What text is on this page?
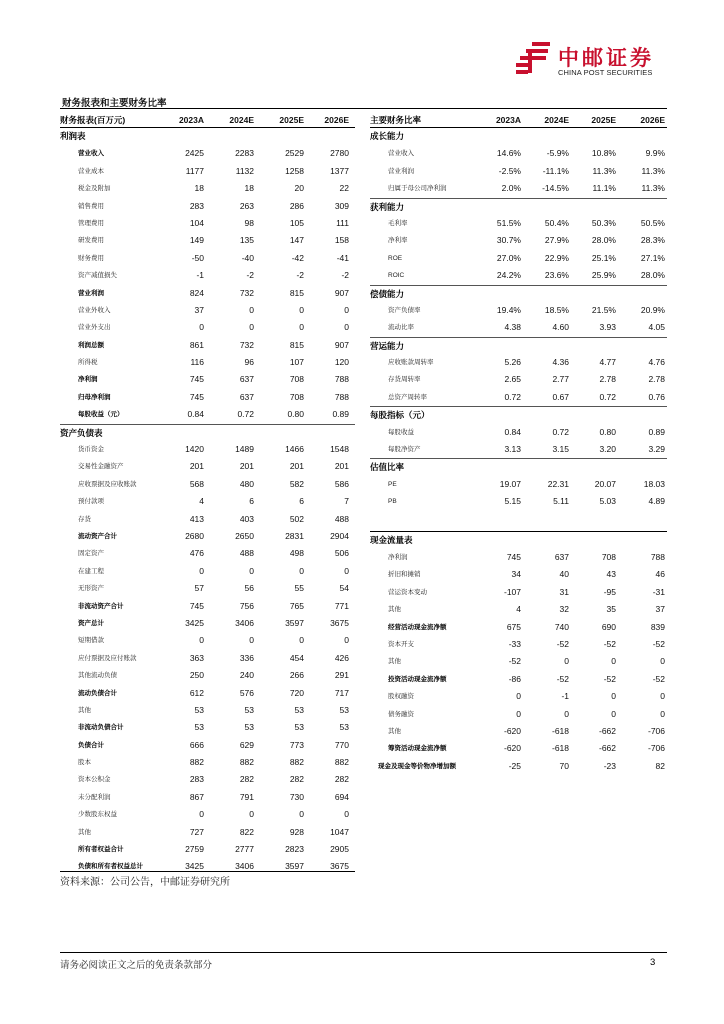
中邮证券
CHINA POST SECURITIES
财务报表和主要财务比率
财务报表(百万元)	2023A	2024E	2025E	2026E
利润表
营业收入	2425	2283	2529	2780
营业成本	1177	1132	1258	1377
税金及附加	18	18	20	22
销售费用	283	263	286	309
管理费用	104	98	105	111
研发费用	149	135	147	158
财务费用	-50	-40	-42	-41
资产减值损失	-1	-2	-2	-2
营业利润	824	732	815	907
营业外收入	37	0	0	0
营业外支出	0	0	0	0
利润总额	861	732	815	907
所得税	116	96	107	120
净利润	745	637	708	788
归母净利润	745	637	708	788
每股收益（元）	0.84	0.72	0.80	0.89
资产负债表
货币资金	1420	1489	1466	1548
交易性金融资产	201	201	201	201
应收票据及应收账款	568	480	582	586
预付款项	4	6	6	7
存货	413	403	502	488
流动资产合计	2680	2650	2831	2904
固定资产	476	488	498	506
在建工程	0	0	0	0
无形资产	57	56	55	54
非流动资产合计	745	756	765	771
资产总计	3425	3406	3597	3675
短期借款	0	0	0	0
应付票据及应付账款	363	336	454	426
其他流动负债	250	240	266	291
流动负债合计	612	576	720	717
其他	53	53	53	53
非流动负债合计	53	53	53	53
负债合计	666	629	773	770
股本	882	882	882	882
资本公积金	283	282	282	282
未分配利润	867	791	730	694
少数股东权益	0	0	0	0
其他	727	822	928	1047
所有者权益合计	2759	2777	2823	2905
负债和所有者权益总计	3425	3406	3597	3675
主要财务比率	2023A	2024E	2025E	2026E
成长能力
营业收入	14.6%	-5.9%	10.8%	9.9%
营业利润	-2.5%	-11.1%	11.3%	11.3%
归属于母公司净利润	2.0%	-14.5%	11.1%	11.3%
获利能力
毛利率	51.5%	50.4%	50.3%	50.5%
净利率	30.7%	27.9%	28.0%	28.3%
ROE	27.0%	22.9%	25.1%	27.1%
ROIC	24.2%	23.6%	25.9%	28.0%
偿债能力
资产负债率	19.4%	18.5%	21.5%	20.9%
流动比率	4.38	4.60	3.93	4.05
营运能力
应收账款周转率	5.26	4.36	4.77	4.76
存货周转率	2.65	2.77	2.78	2.78
总资产周转率	0.72	0.67	0.72	0.76
每股指标（元）
每股收益	0.84	0.72	0.80	0.89
每股净资产	3.13	3.15	3.20	3.29
估值比率
PE	19.07	22.31	20.07	18.03
PB	5.15	5.11	5.03	4.89
现金流量表
净利润	745	637	708	788
折旧和摊销	34	40	43	46
营运资本变动	-107	31	-95	-31
其他	4	32	35	37
经营活动现金流净额	675	740	690	839
资本开支	-33	-52	-52	-52
其他	-52	0	0	0
投资活动现金流净额	-86	-52	-52	-52
股权融资	0	-1	0	0
债务融资	0	0	0	0
其他	-620	-618	-662	-706
筹资活动现金流净额	-620	-618	-662	-706
现金及现金等价物净增加额	-25	70	-23	82
资料来源：公司公告，中邮证券研究所
请务必阅读正文之后的免责条款部分	3
